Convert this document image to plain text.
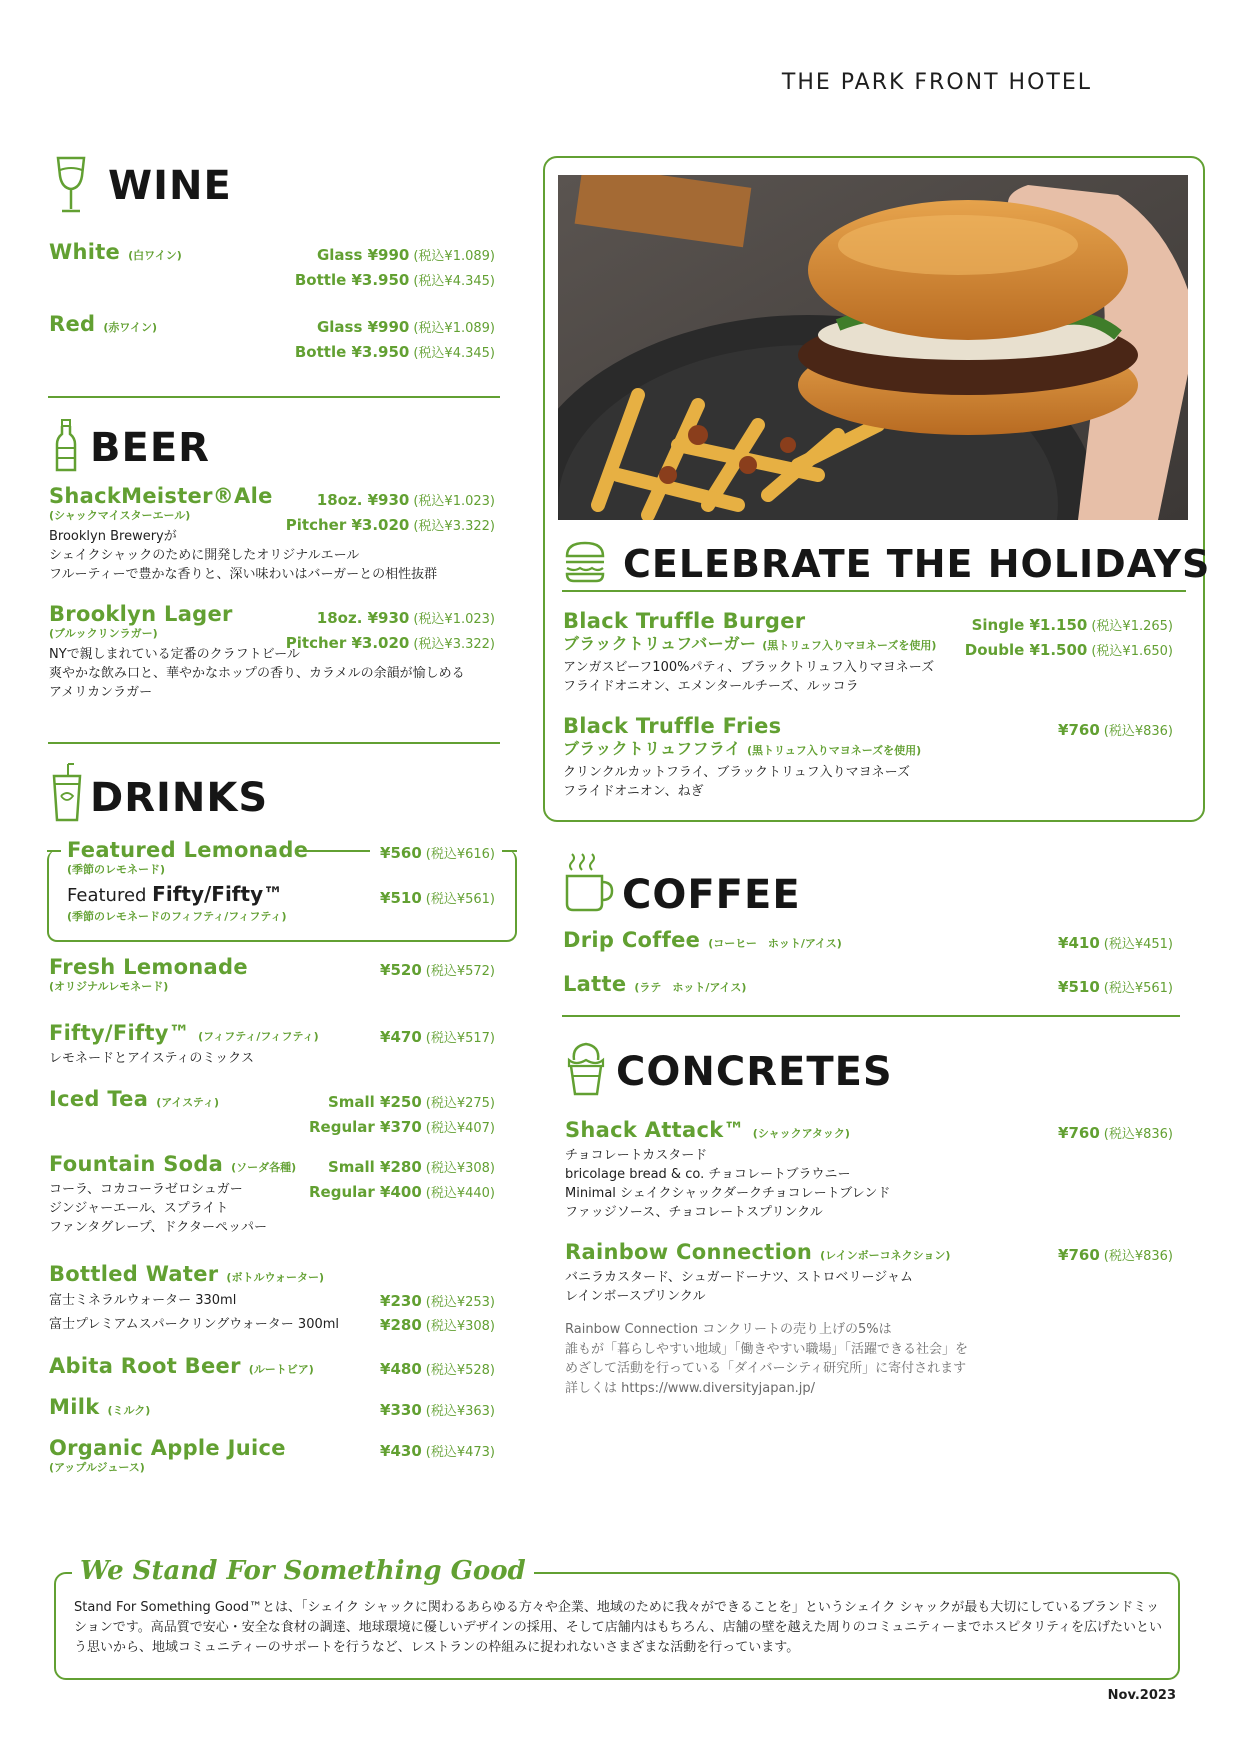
THE PARK FRONT HOTEL
WINE
White (白ワイン)	Glass ¥990 (税込¥1.089)
Bottle ¥3.950 (税込¥4.345)
Red (赤ワイン)	Glass ¥990 (税込¥1.089)
Bottle ¥3.950 (税込¥4.345)
BEER
ShackMeister®Ale
(シャックマイスターエール)
Brooklyn Breweryが
シェイクシャックのために開発したオリジナルエール
フルーティーで豊かな香りと、深い味わいはバーガーとの相性抜群
18oz. ¥930 (税込¥1.023)
Pitcher ¥3.020 (税込¥3.322)
Brooklyn Lager
(ブルックリンラガー)
NYで親しまれている定番のクラフトビール
爽やかな飲み口と、華やかなホップの香り、カラメルの余韻が愉しめる
アメリカンラガー
18oz. ¥930 (税込¥1.023)
Pitcher ¥3.020 (税込¥3.322)
DRINKS
Featured Lemonade
(季節のレモネード)
¥560 (税込¥616)
Featured Fifty/Fifty™
(季節のレモネードのフィフティ/フィフティ)
¥510 (税込¥561)
Fresh Lemonade
(オリジナルレモネード)
¥520 (税込¥572)
Fifty/Fifty™ (フィフティ/フィフティ)
レモネードとアイスティのミックス
¥470 (税込¥517)
Iced Tea (アイスティ)	Small ¥250 (税込¥275)
Regular ¥370 (税込¥407)
Fountain Soda (ソーダ各種)
コーラ、コカコーラゼロシュガー
ジンジャーエール、スプライト
ファンタグレープ、ドクターペッパー
Small ¥280 (税込¥308)
Regular ¥400 (税込¥440)
Bottled Water (ボトルウォーター)
富士ミネラルウォーター 330ml	¥230 (税込¥253)
富士プレミアムスパークリングウォーター 300ml	¥280 (税込¥308)
Abita Root Beer (ルートビア)	¥480 (税込¥528)
Milk (ミルク)	¥330 (税込¥363)
Organic Apple Juice
(アップルジュース)
¥430 (税込¥473)
CELEBRATE THE HOLIDAYS
Black Truffle Burger
ブラックトリュフバーガー (黒トリュフ入りマヨネーズを使用)
アンガスビーフ100%パティ、ブラックトリュフ入りマヨネーズ
フライドオニオン、エメンタールチーズ、ルッコラ
Single ¥1.150 (税込¥1.265)
Double ¥1.500 (税込¥1.650)
Black Truffle Fries
ブラックトリュフフライ (黒トリュフ入りマヨネーズを使用)
クリンクルカットフライ、ブラックトリュフ入りマヨネーズ
フライドオニオン、ねぎ
¥760 (税込¥836)
COFFEE
Drip Coffee (コーヒー　ホット/アイス)	¥410 (税込¥451)
Latte (ラテ　ホット/アイス)	¥510 (税込¥561)
CONCRETES
Shack Attack™ (シャックアタック)
チョコレートカスタード
bricolage bread & co. チョコレートブラウニー
Minimal シェイクシャックダークチョコレートブレンド
ファッジソース、チョコレートスプリンクル
¥760 (税込¥836)
Rainbow Connection (レインボーコネクション)
バニラカスタード、シュガードーナツ、ストロベリージャム
レインボースプリンクル
¥760 (税込¥836)
Rainbow Connection コンクリートの売り上げの5%は
誰もが「暮らしやすい地域」「働きやすい職場」「活躍できる社会」を
めざして活動を行っている「ダイバーシティ研究所」に寄付されます
詳しくは https://www.diversityjapan.jp/
We Stand For Something Good
Stand For Something Good™とは、「シェイク シャックに関わるあらゆる方々や企業、地域のために我々ができることを」というシェイク シャックが最も大切にしているブランドミッションです。高品質で安心・安全な食材の調達、地球環境に優しいデザインの採用、そして店舗内はもちろん、店舗の壁を越えた周りのコミュニティーまでホスピタリティを広げたいという思いから、地域コミュニティーのサポートを行うなど、レストランの枠組みに捉われないさまざまな活動を行っています。
Nov.2023
